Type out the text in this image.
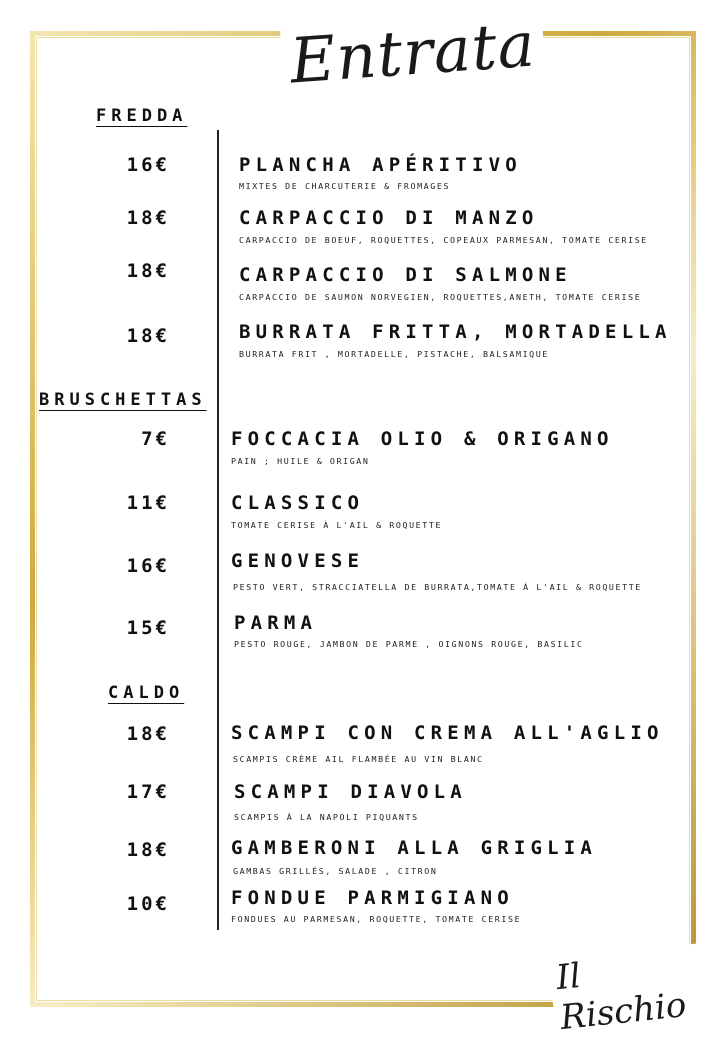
Entrata
FREDDA
16€	PLANCHA APÉRITIVO
MIXTES DE CHARCUTERIE & FROMAGES
18€	CARPACCIO DI MANZO
CARPACCIO DE BOEUF, ROQUETTES, COPEAUX PARMESAN, TOMATE CERISE
18€	CARPACCIO DI SALMONE
CARPACCIO DE SAUMON NORVEGIEN, ROQUETTES,ANETH, TOMATE CERISE
18€	BURRATA FRITTA, MORTADELLA
BURRATA FRIT , MORTADELLE, PISTACHE, BALSAMIQUE
BRUSCHETTAS
7€	FOCCACIA OLIO & ORIGANO
PAIN ; HUILE & ORIGAN
11€	CLASSICO
TOMATE CERISE À L'AIL & ROQUETTE
16€	GENOVESE
PESTO VERT, STRACCIATELLA DE BURRATA,TOMATE À L'AIL & ROQUETTE
15€	PARMA
PESTO ROUGE, JAMBON DE PARME , OIGNONS ROUGE, BASILIC
CALDO
18€	SCAMPI CON CREMA ALL'AGLIO
SCAMPIS CRÈME AIL FLAMBÉE AU VIN BLANC
17€	SCAMPI DIAVOLA
SCAMPIS À LA NAPOLI PIQUANTS
18€	GAMBERONI ALLA GRIGLIA
GAMBAS GRILLÉS, SALADE , CITRON
10€	FONDUE PARMIGIANO
FONDUES AU PARMESAN, ROQUETTE, TOMATE CERISE
Il Rischio
